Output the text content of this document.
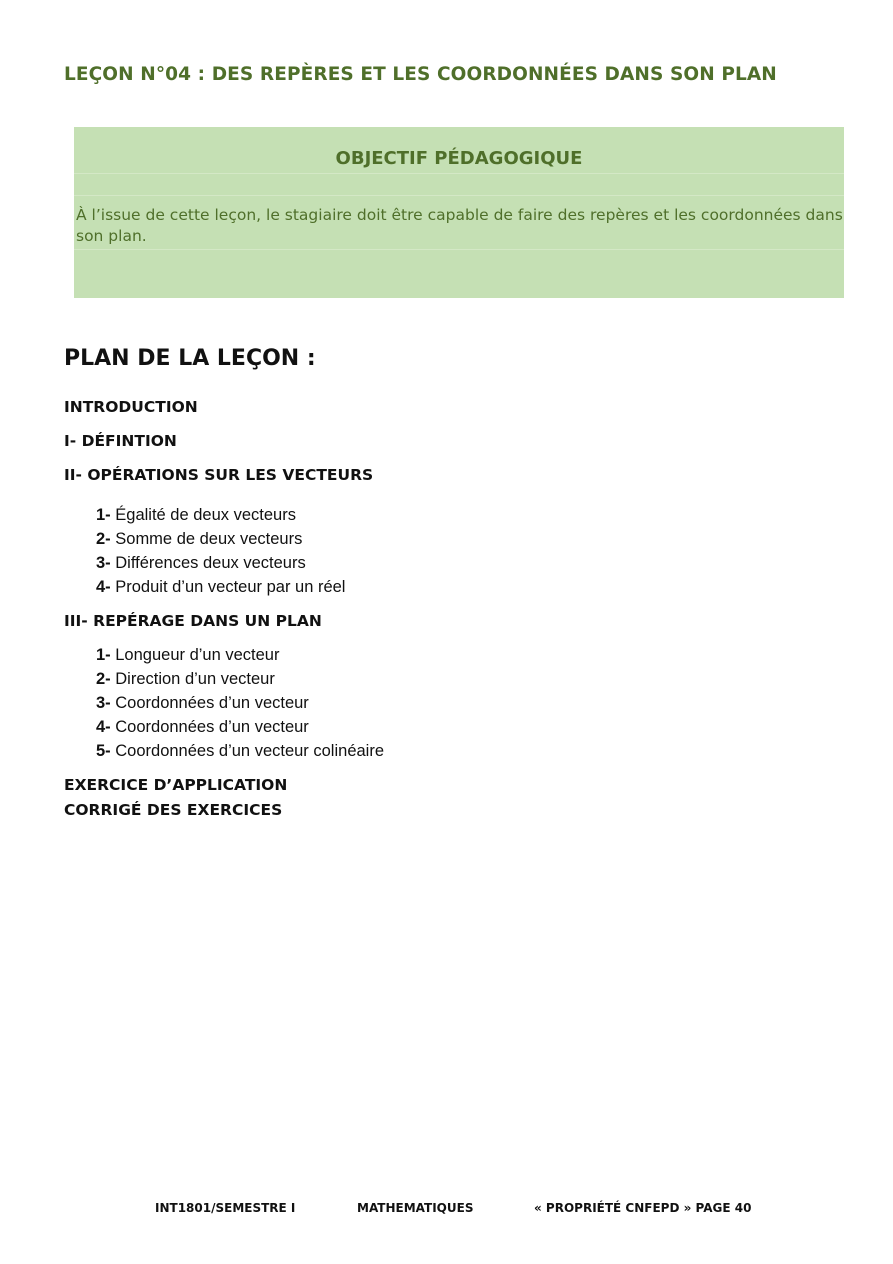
LEÇON N°04 : DES REPÈRES ET LES COORDONNÉES DANS SON PLAN
OBJECTIF PÉDAGOGIQUE
À l’issue de cette leçon, le stagiaire doit être capable de faire des repères et les coordonnées dans son plan.
PLAN DE LA LEÇON :
INTRODUCTION
I- DÉFINTION
II- OPÉRATIONS SUR LES VECTEURS
1- Égalité de deux vecteurs
2- Somme de deux vecteurs
3- Différences deux vecteurs
4- Produit d’un vecteur par un réel
III- REPÉRAGE DANS UN PLAN
1- Longueur d’un vecteur
2- Direction d’un vecteur
3- Coordonnées d’un vecteur
4- Coordonnées d’un vecteur
5- Coordonnées d’un vecteur colinéaire
EXERCICE D’APPLICATION
CORRIGÉ DES EXERCICES
INT1801/SEMESTRE I	MATHEMATIQUES	« PROPRIÉTÉ CNFEPD » PAGE 40
